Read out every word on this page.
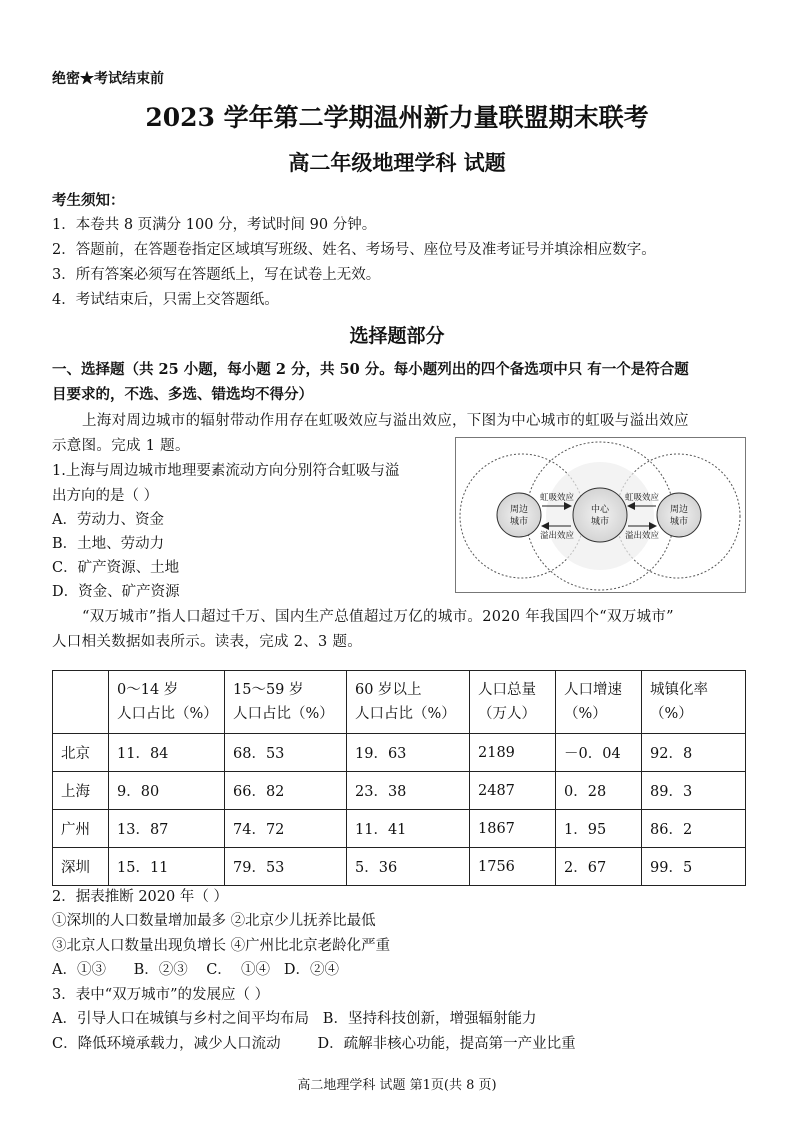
绝密★考试结束前
2023 学年第二学期温州新力量联盟期末联考
高二年级地理学科 试题
考生须知：
1．本卷共 8 页满分 100 分，考试时间 90 分钟。
2．答题前，在答题卷指定区域填写班级、姓名、考场号、座位号及准考证号并填涂相应数字。
3．所有答案必须写在答题纸上，写在试卷上无效。
4．考试结束后，只需上交答题纸。
选择题部分
一、选择题（共 25 小题，每小题 2 分，共 50 分。每小题列出的四个备选项中只 有一个是符合题
目要求的，不选、多选、错选均不得分）
上海对周边城市的辐射带动作用存在虹吸效应与溢出效应，下图为中心城市的虹吸与溢出效应
示意图。完成 1 题。
1.上海与周边城市地理要素流动方向分别符合虹吸与溢
出方向的是（ ）
A．劳动力、资金
B．土地、劳动力
C．矿产资源、土地
D．资金、矿产资源
周边
城市
中心
城市
周边
城市
虹吸效应
溢出效应
虹吸效应
溢出效应
“双万城市”指人口超过千万、国内生产总值超过万亿的城市。2020 年我国四个“双万城市”
人口相关数据如表所示。读表，完成 2、3 题。

	0～14 岁
人口占比（%）	15～59 岁
人口占比（%）	60 岁以上
人口占比（%）	人口总量
（万人）	人口增速
（%）	城镇化率（%）

北京	11．84	68．53	19．63	2189	－0．04	92．8
上海	9．80	66．82	23．38	2487	0．28	89．3
广州	13．87	74．72	11．41	1867	1．95	86．2
深圳	15．11	79．53	5．36	1756	2．67	99．5
2．据表推断 2020 年（ ）
①深圳的人口数量增加最多 ②北京少儿抚养比最低
③北京人口数量出现负增长 ④广州比北京老龄化严重
A．①③      B．②③    C．  ①④   D．②④
3．表中“双万城市”的发展应（ ）
A．引导人口在城镇与乡村之间平均布局   B．坚持科技创新，增强辐射能力
C．降低环境承载力，减少人口流动        D．疏解非核心功能，提高第一产业比重
高二地理学科 试题 第1页(共 8 页)
